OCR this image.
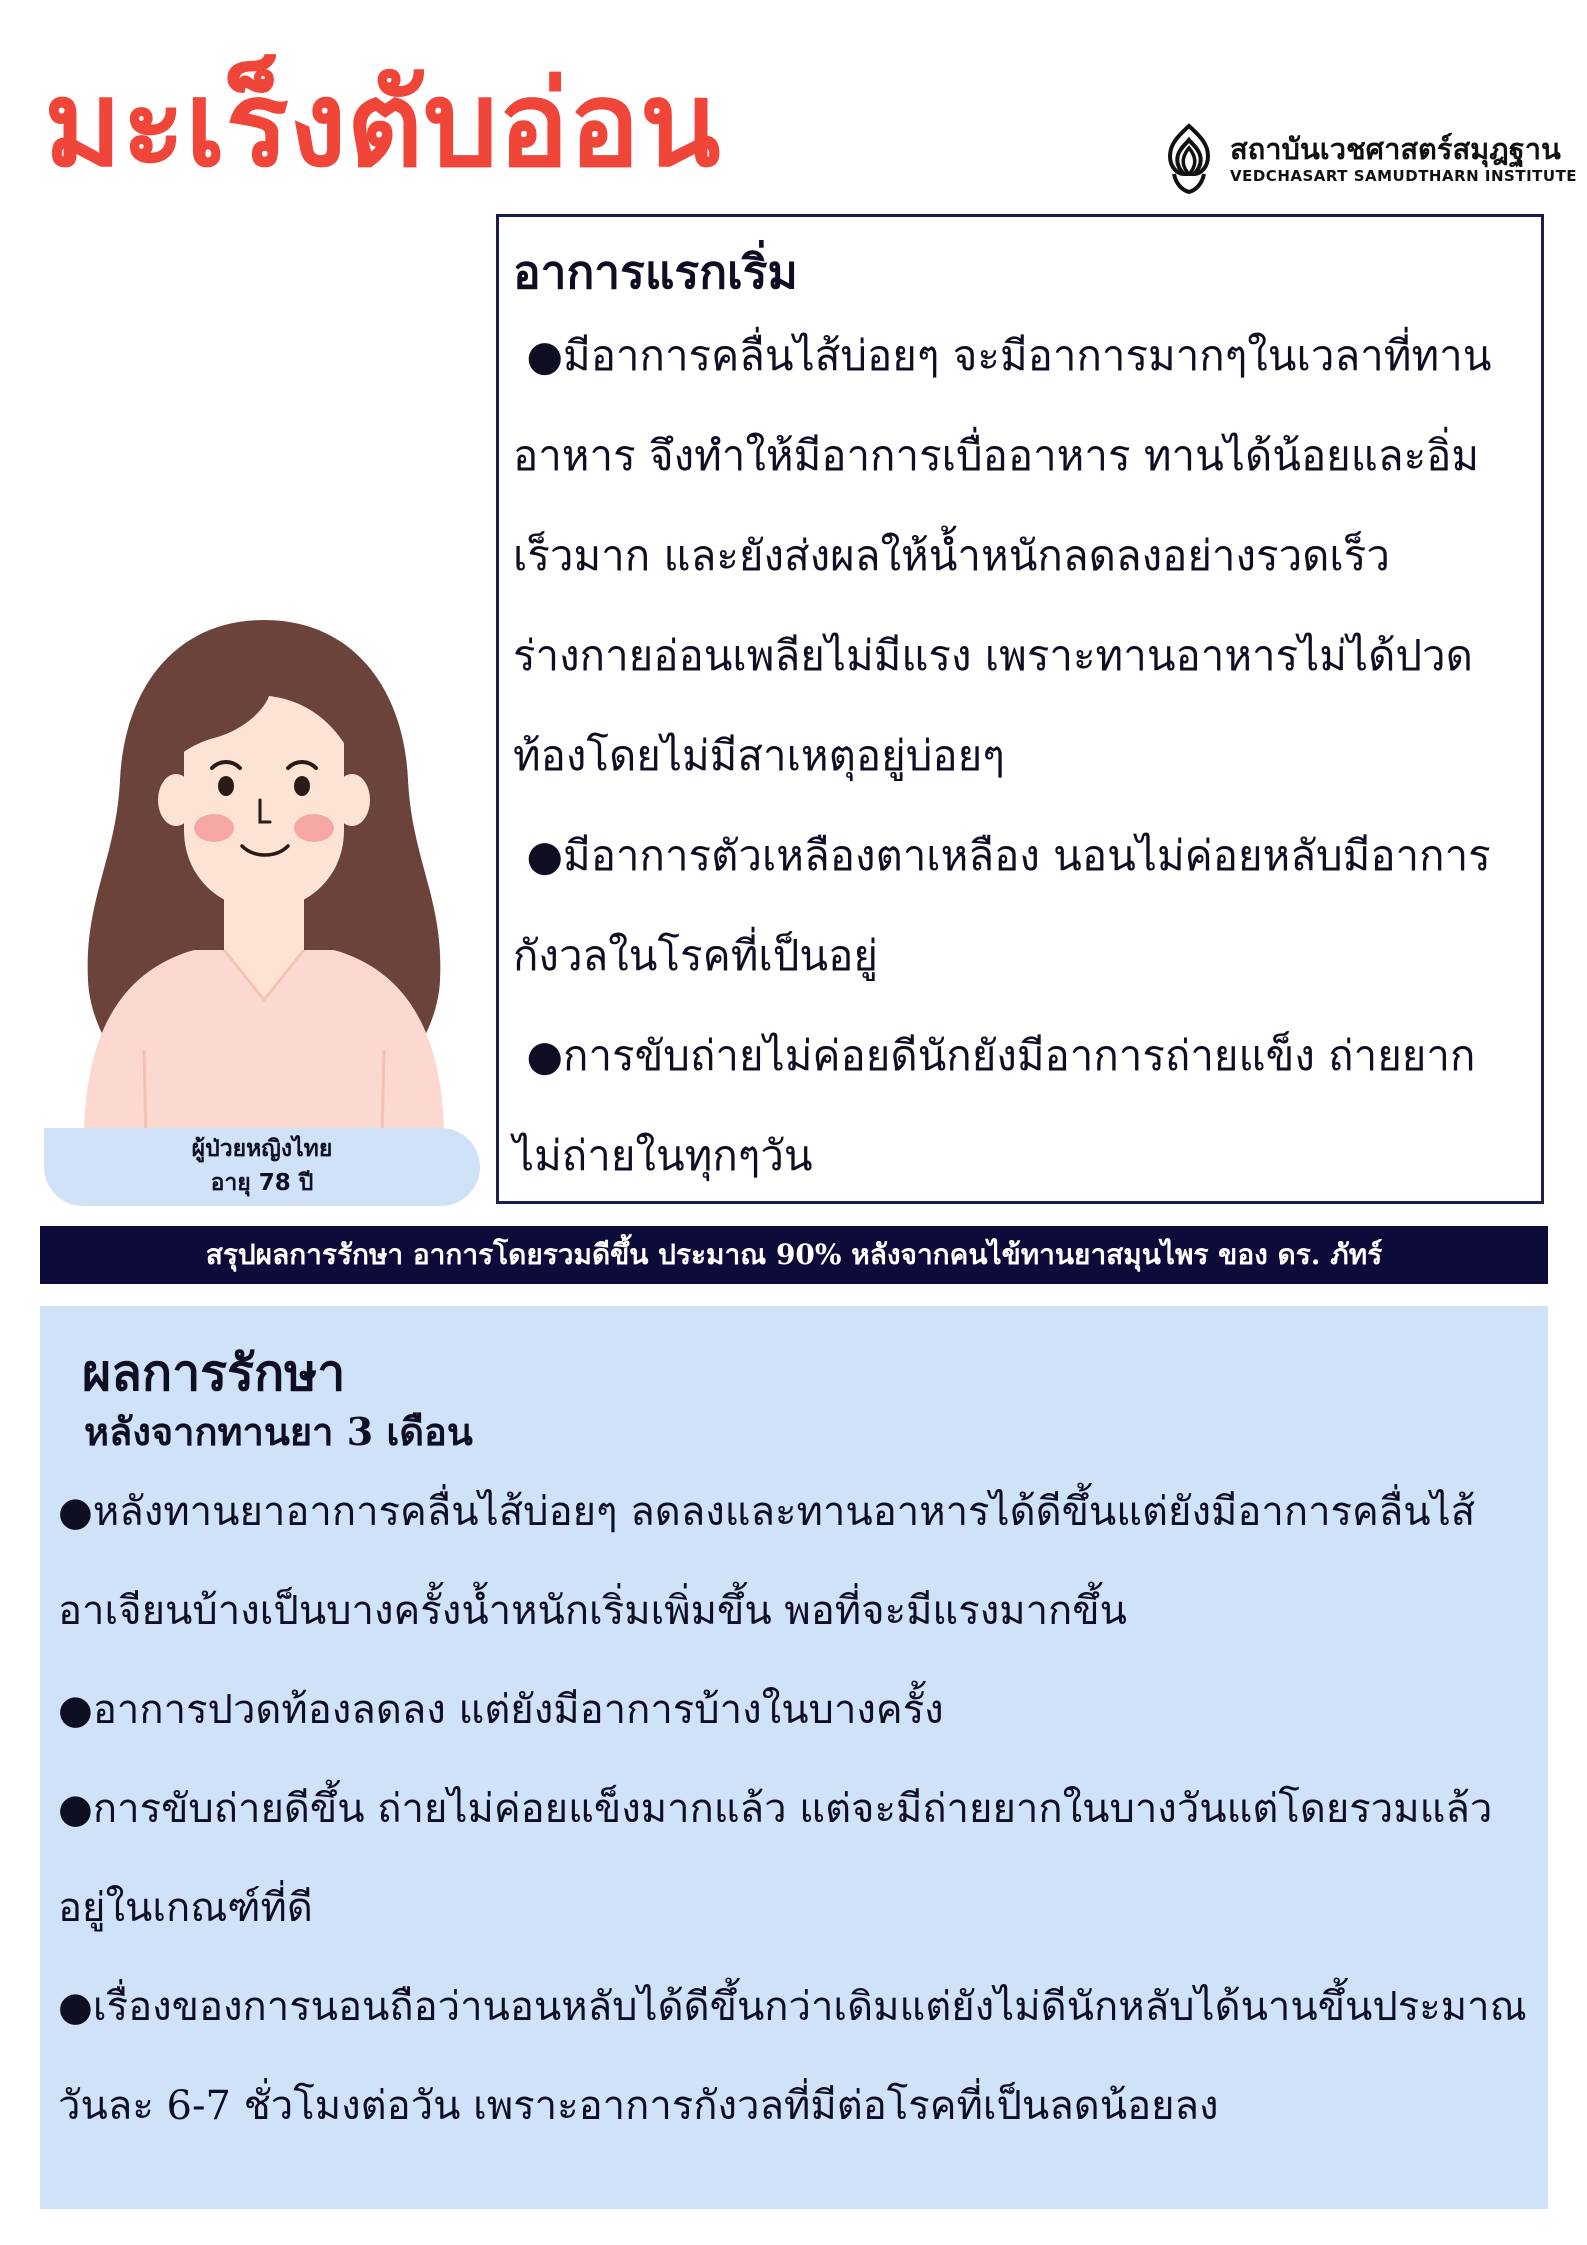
มะเร็งตับอ่อน	สถาบันเวชศาสตร์สมุฎฐาน
VEDCHASART SAMUDTHARN INSTITUTE
ผู้ป่วยหญิงไทย
อายุ 78 ปี
อาการแรกเริ่ม

●มีอาการคลื่นไส้บ่อยๆ จะมีอาการมากๆในเวลาที่ทานอาหาร จึงทำให้มีอาการเบื่ออาหาร ทานได้น้อยและอิ่มเร็วมาก และยังส่งผลให้น้ำหนักลดลงอย่างรวดเร็ว ร่างกายอ่อนเพลียไม่มีแรง เพราะทานอาหารไม่ได้ปวดท้องโดยไม่มีสาเหตุอยู่บ่อยๆ

●มีอาการตัวเหลืองตาเหลือง นอนไม่ค่อยหลับมีอาการกังวลในโรคที่เป็นอยู่

●การขับถ่ายไม่ค่อยดีนักยังมีอาการถ่ายแข็ง ถ่ายยาก ไม่ถ่ายในทุกๆวัน

สรุปผลการรักษา อาการโดยรวมดีขึ้น ประมาณ 90% หลังจากคนไข้ทานยาสมุนไพร ของ ดร. ภัทร์
ผลการรักษา
หลังจากทานยา 3 เดือน

●หลังทานยาอาการคลื่นไส้บ่อยๆ ลดลงและทานอาหารได้ดีขึ้นแต่ยังมีอาการคลื่นไส้อาเจียนบ้างเป็นบางครั้งน้ำหนักเริ่มเพิ่มขึ้น พอที่จะมีแรงมากขึ้น

●อาการปวดท้องลดลง แต่ยังมีอาการบ้างในบางครั้ง

●การขับถ่ายดีขึ้น ถ่ายไม่ค่อยแข็งมากแล้ว แต่จะมีถ่ายยากในบางวันแต่โดยรวมแล้วอยู่ในเกณฑ์ที่ดี

●เรื่องของการนอนถือว่านอนหลับได้ดีขึ้นกว่าเดิมแต่ยังไม่ดีนักหลับได้นานขึ้นประมาณวันละ 6-7 ชั่วโมงต่อวัน เพราะอาการกังวลที่มีต่อโรคที่เป็นลดน้อยลง
